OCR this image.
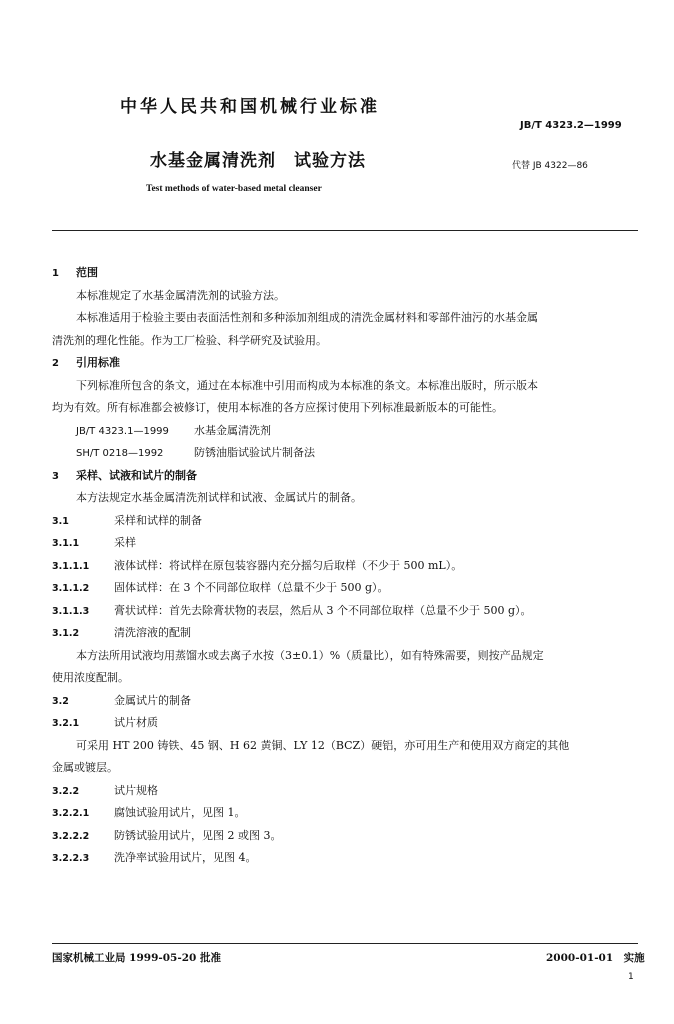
中华人民共和国机械行业标准
JB/T 4323.2—1999
水基金属清洗剂　试验方法	代替 JB 4322—86
Test methods of water-based metal cleanser
1 范围
本标准规定了水基金属清洗剂的试验方法。
本标准适用于检验主要由表面活性剂和多种添加剂组成的清洗金属材料和零部件油污的水基金属
清洗剂的理化性能。作为工厂检验、科学研究及试验用。
2 引用标准
下列标准所包含的条文，通过在本标准中引用而构成为本标准的条文。本标准出版时，所示版本
均为有效。所有标准都会被修订，使用本标准的各方应探讨使用下列标准最新版本的可能性。
JB/T 4323.1—1999 水基金属清洗剂
SH/T 0218—1992	防锈油脂试验试片制备法
3 采样、试液和试片的制备
本方法规定水基金属清洗剂试样和试液、金属试片的制备。
3.1	采样和试样的制备
3.1.1	采样
3.1.1.1 液体试样：将试样在原包装容器内充分摇匀后取样（不少于 500 mL）。
3.1.1.2 固体试样：在 3 个不同部位取样（总量不少于 500 g）。
3.1.1.3 膏状试样：首先去除膏状物的表层，然后从 3 个不同部位取样（总量不少于 500 g）。
3.1.2	清洗溶液的配制
本方法所用试液均用蒸馏水或去离子水按（3±0.1）%（质量比），如有特殊需要，则按产品规定
使用浓度配制。
3.2	金属试片的制备
3.2.1	试片材质
可采用 HT 200 铸铁、45 钢、H 62 黄铜、LY 12（BCZ）硬铝，亦可用生产和使用双方商定的其他
金属或镀层。
3.2.2	试片规格
3.2.2.1 腐蚀试验用试片，见图 1。
3.2.2.2 防锈试验用试片，见图 2 或图 3。
3.2.2.3 洗净率试验用试片，见图 4。
国家机械工业局 1999-05-20 批准	2000-01-01　实施
1
